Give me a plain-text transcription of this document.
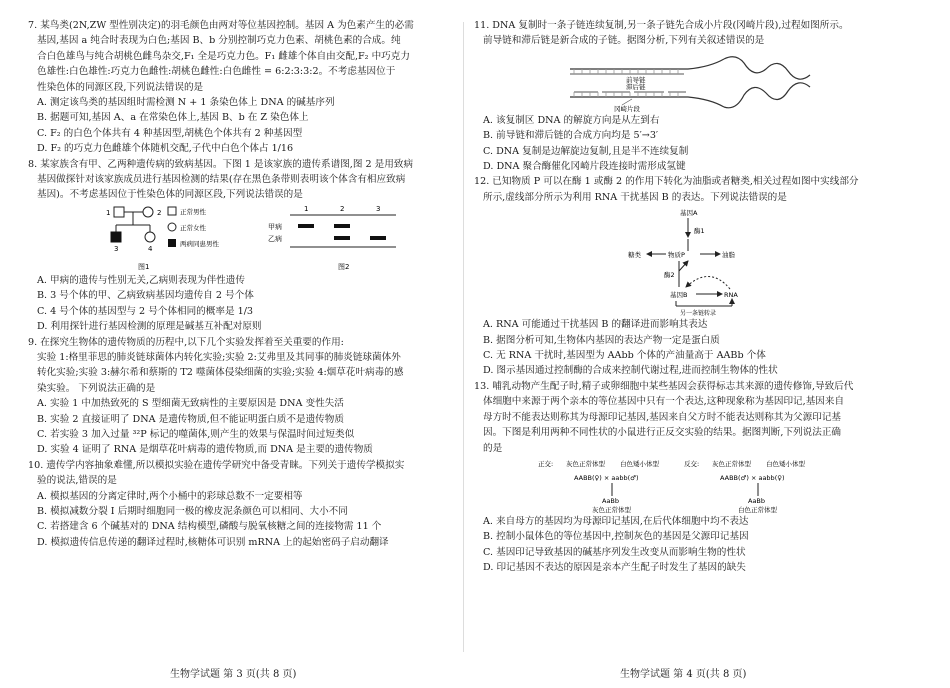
7. 某鸟类(2N,ZW 型性别决定)的羽毛颜色由两对等位基因控制。基因 A 为色素产生的必需

基因,基因 a 纯合时表现为白色;基因 B、b 分别控制巧克力色素、胡桃色素的合成。纯

合白色雄鸟与纯合胡桃色雌鸟杂交,F₁ 全是巧克力色。F₁ 雌雄个体自由交配,F₂ 中巧克力

色雄性:白色雄性:巧克力色雌性:胡桃色雌性:白色雌性 = 6:2:3:3:2。不考虑基因位于

性染色体的同源区段,下列说法错误的是

A. 测定该鸟类的基因组时需检测 N + 1 条染色体上 DNA 的碱基序列

B. 据题可知,基因 A、a 在常染色体上,基因 B、b 在 Z 染色体上

C. F₂ 的白色个体共有 4 种基因型,胡桃色个体共有 2 种基因型

D. F₂ 的巧克力色雌雄个体随机交配,子代中白色个体占 1/16

8. 某家族含有甲、乙两种遗传病的致病基因。下图 1 是该家族的遗传系谱图,图 2 是用致病

基因做探针对该家族成员进行基因检测的结果(存在黑色条带则表明该个体含有相应致病

基因)。不考虑基因位于性染色体的同源区段,下列说法错误的是

1	2
3	4
正常男性
正常女性
两病同患男性
图1
1	2	3
甲病
乙病
图2

A. 甲病的遗传与性别无关,乙病则表现为伴性遗传

B. 3 号个体的甲、乙病致病基因均遗传自 2 号个体

C. 4 号个体的基因型与 2 号个体相同的概率是 1/3

D. 利用探针进行基因检测的原理是碱基互补配对原则

9. 在探究生物体的遗传物质的历程中,以下几个实验发挥着至关重要的作用:

实验 1:格里菲思的肺炎链球菌体内转化实验;实验 2:艾弗里及其同事的肺炎链球菌体外

转化实验;实验 3:赫尔希和蔡斯的 T2 噬菌体侵染细菌的实验;实验 4:烟草花叶病毒的感

染实验。 下列说法正确的是

A. 实验 1 中加热致死的 S 型细菌无致病性的主要原因是 DNA 变性失活

B. 实验 2 直接证明了 DNA 是遗传物质,但不能证明蛋白质不是遗传物质

C. 若实验 3 加入过量 ³²P 标记的噬菌体,则产生的效果与保温时间过短类似

D. 实验 4 证明了 RNA 是烟草花叶病毒的遗传物质,而 DNA 是主要的遗传物质

10. 遗传学内容抽象难懂,所以模拟实验在遗传学研究中备受青睐。下列关于遗传学模拟实

验的说法,错误的是

A. 模拟基因的分离定律时,两个小桶中的彩球总数不一定要相等

B. 模拟减数分裂 Ⅰ 后期时细胞同一极的橡皮泥条颜色可以相同、大小不同

C. 若搭建含 6 个碱基对的 DNA 结构模型,磷酸与脱氧核糖之间的连接物需 11 个

D. 模拟遗传信息传递的翻译过程时,核糖体可识别 mRNA 上的起始密码子启动翻译

生物学试题 第 3 页(共 8 页)

11. DNA 复制时一条子链连续复制,另一条子链先合成小片段(冈崎片段),过程如图所示。

前导链和滞后链是新合成的子链。据图分析,下列有关叙述错误的是

前导链
滞后链
冈崎片段

A. 该复制区 DNA 的解旋方向是从左到右

B. 前导链和滞后链的合成方向均是 5′→3′

C. DNA 复制是边解旋边复制,且是半不连续复制

D. DNA 聚合酶催化冈崎片段连接时需形成氢键

12. 已知物质 P 可以在酶 1 或酶 2 的作用下转化为油脂或者糖类,相关过程如图中实线部分

所示,虚线部分所示为利用 RNA 干扰基因 B 的表达。下列说法错误的是

基因A
酶1
糖类	物质P	油脂
酶2
基因B	RNA
另一条链转录

A. RNA 可能通过干扰基因 B 的翻译进而影响其表达

B. 据图分析可知,生物体内基因的表达产物一定是蛋白质

C. 无 RNA 干扰时,基因型为 AAbb 个体的产油量高于 AABb 个体

D. 图示基因通过控制酶的合成来控制代谢过程,进而控制生物体的性状

13. 哺乳动物产生配子时,精子或卵细胞中某些基因会获得标志其来源的遗传修饰,导致后代

体细胞中来源于两个亲本的等位基因中只有一个表达,这种现象称为基因印记,基因来自

母方时不能表达则称其为母源印记基因,基因来自父方时不能表达则称其为父源印记基

因。下图是利用两种不同性状的小鼠进行正反交实验的结果。据图判断,下列说法正确

的是

正交: 灰色正常体型 白色矮小体型
AABB(♀) × aabb(♂)
AaBb
灰色正常体型
反交: 灰色正常体型 白色矮小体型
AABB(♂) × aabb(♀)
AaBb
白色正常体型

A. 来自母方的基因均为母源印记基因,在后代体细胞中均不表达

B. 控制小鼠体色的等位基因中,控制灰色的基因是父源印记基因

C. 基因印记导致基因的碱基序列发生改变从而影响生物的性状

D. 印记基因不表达的原因是亲本产生配子时发生了基因的缺失

生物学试题 第 4 页(共 8 页)
